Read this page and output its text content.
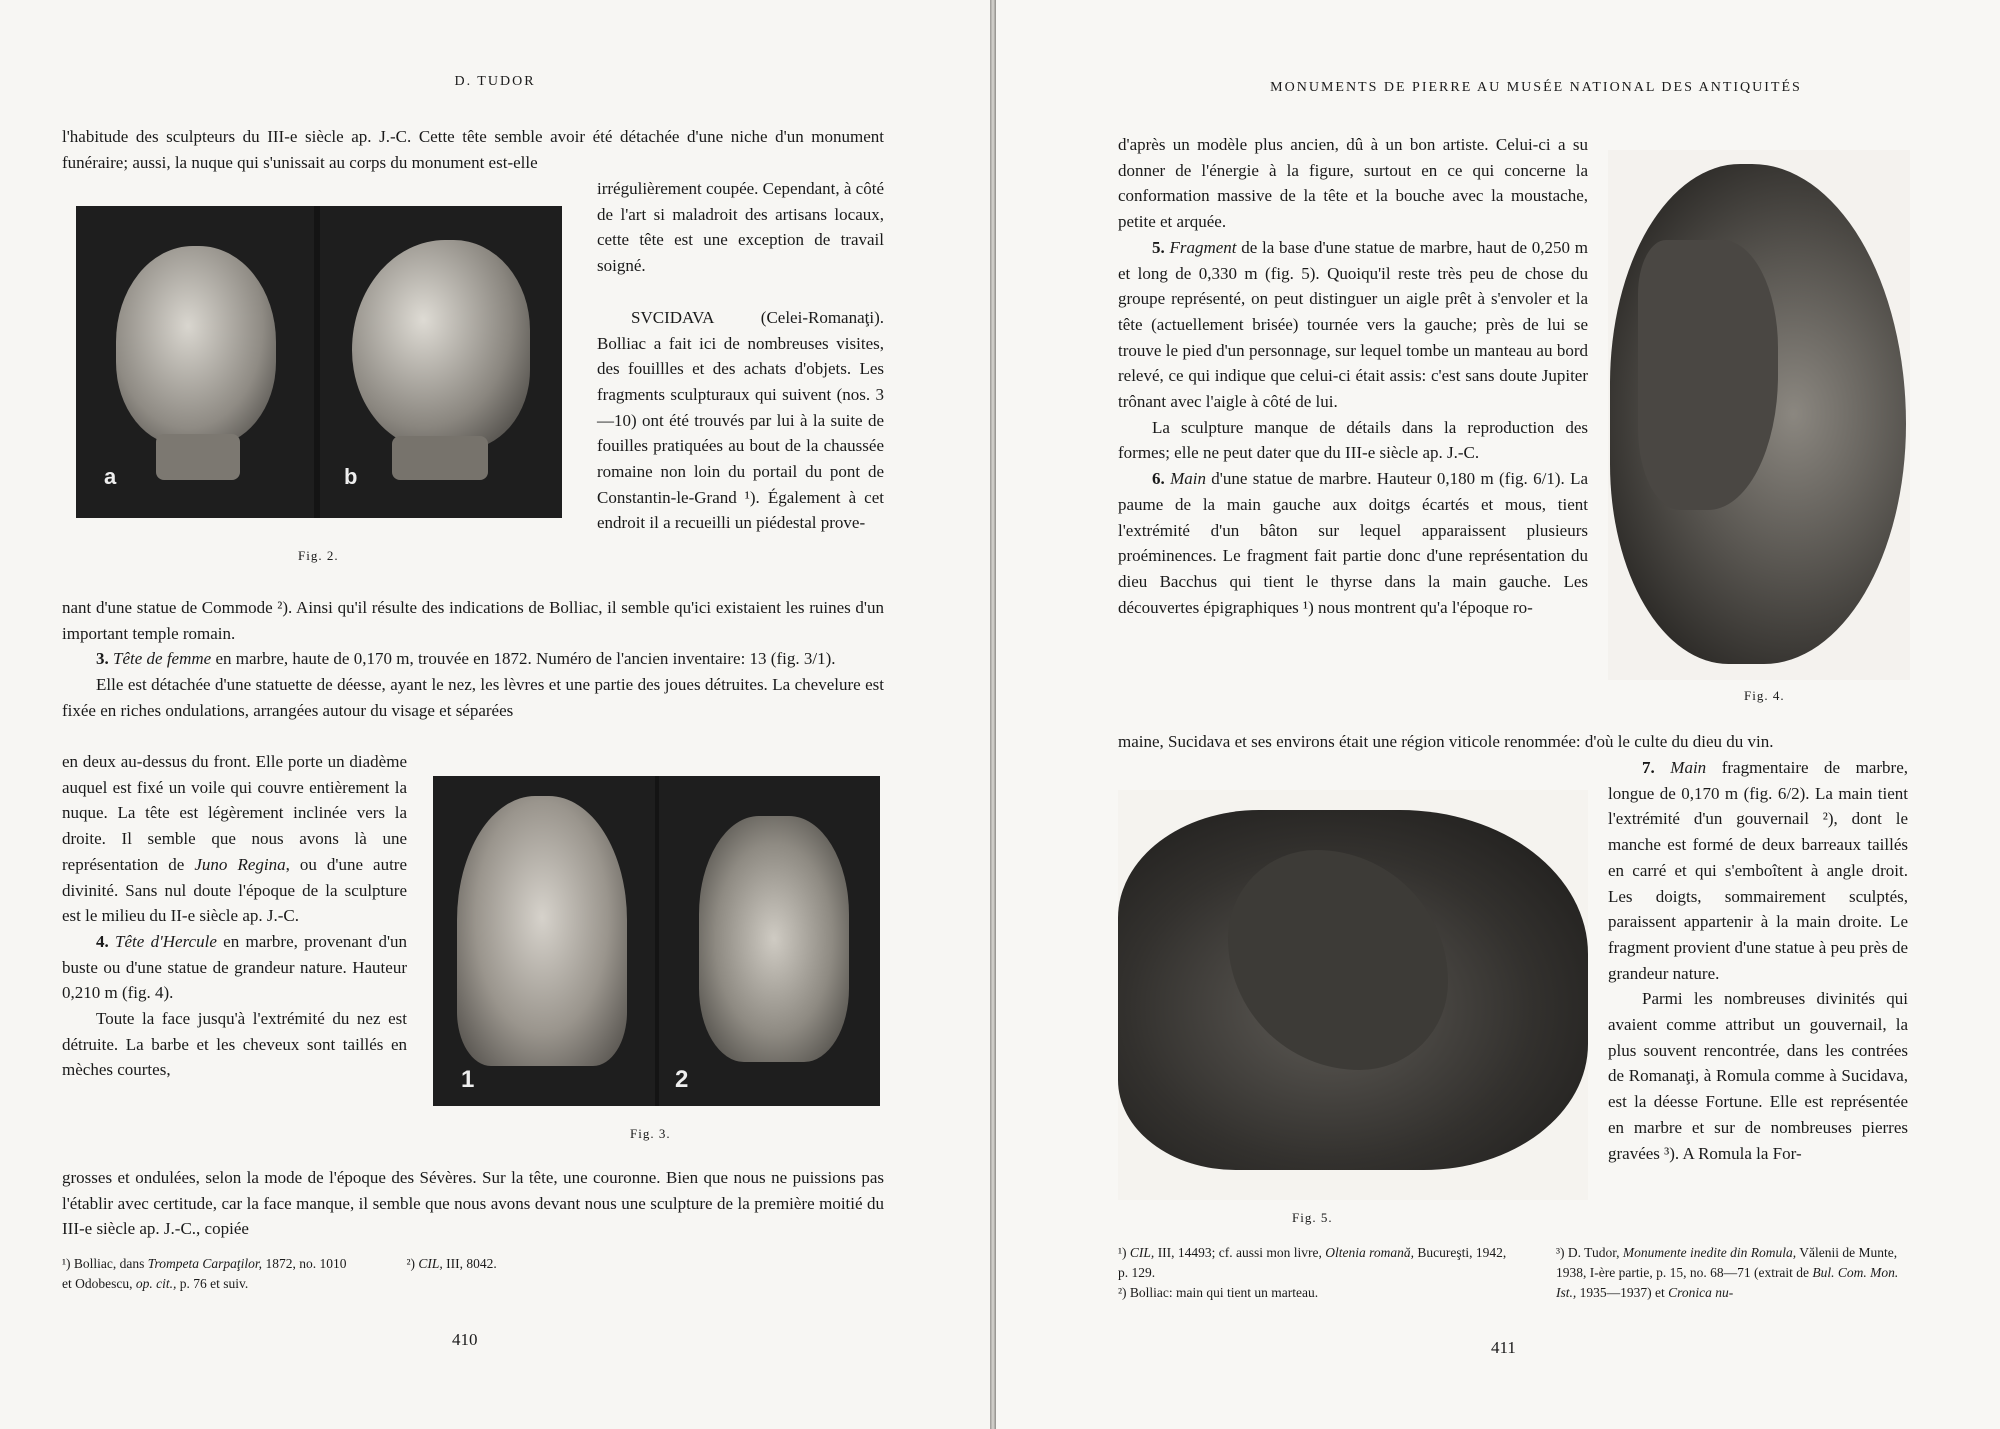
D. TUDOR

l'habitude des sculpteurs du III-e siècle ap. J.-C. Cette tête semble avoir été détachée d'une niche d'un monument funéraire; aussi, la nuque qui s'unissait au corps du monument est-elle

a	b
Fig. 2.

irrégulièrement coupée. Cependant, à côté de l'art si maladroit des artisans locaux, cette tête est une exception de travail soigné.

SVCIDAVA (Celei-Romanaţi). Bolliac a fait ici de nombreuses visites, des fouillles et des achats d'objets. Les fragments sculpturaux qui suivent (nos. 3—10) ont été trouvés par lui à la suite de fouilles pratiquées au bout de la chaussée romaine non loin du portail du pont de Constantin-le-Grand ¹). Également à cet endroit il a recueilli un piédestal prove-

nant d'une statue de Commode ²). Ainsi qu'il résulte des indications de Bolliac, il semble qu'ici existaient les ruines d'un important temple romain.

3. Tête de femme en marbre, haute de 0,170 m, trouvée en 1872. Numéro de l'ancien inventaire: 13 (fig. 3/1).

Elle est détachée d'une statuette de déesse, ayant le nez, les lèvres et une partie des joues détruites. La chevelure est fixée en riches ondulations, arrangées autour du visage et séparées

en deux au-dessus du front. Elle porte un diadème auquel est fixé un voile qui couvre entièrement la nuque. La tête est légèrement inclinée vers la droite. Il semble que nous avons là une représentation de Juno Regina, ou d'une autre divinité. Sans nul doute l'époque de la sculpture est le milieu du II-e siècle ap. J.-C.

4. Tête d'Hercule en marbre, provenant d'un buste ou d'une statue de grandeur nature. Hauteur 0,210 m (fig. 4).

Toute la face jusqu'à l'extrémité du nez est détruite. La barbe et les cheveux sont taillés en mèches courtes,	1	2
Fig. 3.

grosses et ondulées, selon la mode de l'époque des Sévères. Sur la tête, une couronne. Bien que nous ne puissions pas l'établir avec certitude, car la face manque, il semble que nous avons devant nous une sculpture de la première moitié du III-e siècle ap. J.-C., copiée

¹) Bolliac, dans Trompeta Carpaţilor, 1872, no. 1010	²) CIL, III, 8042.

et Odobescu, op. cit., p. 76 et suiv.

410
MONUMENTS DE PIERRE AU MUSÉE NATIONAL DES ANTIQUITÉS

d'après un modèle plus ancien, dû à un bon artiste. Celui-ci a su donner de l'énergie à la figure, surtout en ce qui concerne la conformation massive de la tête et la bouche avec la moustache, petite et arquée.

5. Fragment de la base d'une statue de marbre, haut de 0,250 m et long de 0,330 m (fig. 5). Quoiqu'il reste très peu de chose du groupe représenté, on peut distinguer un aigle prêt à s'envoler et la tête (actuellement brisée) tournée vers la gauche; près de lui se trouve le pied d'un personnage, sur lequel tombe un manteau au bord relevé, ce qui indique que celui-ci était assis: c'est sans doute Jupiter trônant avec l'aigle à côté de lui.

La sculpture manque de détails dans la reproduction des formes; elle ne peut dater que du III-e siècle ap. J.-C.

6. Main d'une statue de marbre. Hauteur 0,180 m (fig. 6/1). La paume de la main gauche aux doitgs écartés et mous, tient l'extrémité d'un bâton sur lequel apparaissent plusieurs proéminences. Le fragment fait partie donc d'une représentation du dieu Bacchus qui tient le thyrse dans la main gauche. Les découvertes épigraphiques ¹) nous montrent qu'a l'époque ro-

Fig. 4.

maine, Sucidava et ses environs était une région viticole renommée: d'où le culte du dieu du vin.

Fig. 5.

7. Main fragmentaire de marbre, longue de 0,170 m (fig. 6/2). La main tient l'extrémité d'un gouvernail ²), dont le manche est formé de deux barreaux taillés en carré et qui s'emboîtent à angle droit. Les doigts, sommairement sculptés, paraissent appartenir à la main droite. Le fragment provient d'une statue à peu près de grandeur nature.

Parmi les nombreuses divinités qui avaient comme attribut un gouvernail, la plus souvent rencontrée, dans les contrées de Romanaţi, à Romula comme à Sucidava, est la déesse Fortune. Elle est représentée en marbre et sur de nombreuses pierres gravées ³). A Romula la For-

¹) CIL, III, 14493; cf. aussi mon livre, Oltenia romană, Bucureşti, 1942, p. 129.

²) Bolliac: main qui tient un marteau.

³) D. Tudor, Monumente inedite din Romula, Vălenii de Munte, 1938, I-ère partie, p. 15, no. 68—71 (extrait de Bul. Com. Mon. Ist., 1935—1937) et Cronica nu-

411
